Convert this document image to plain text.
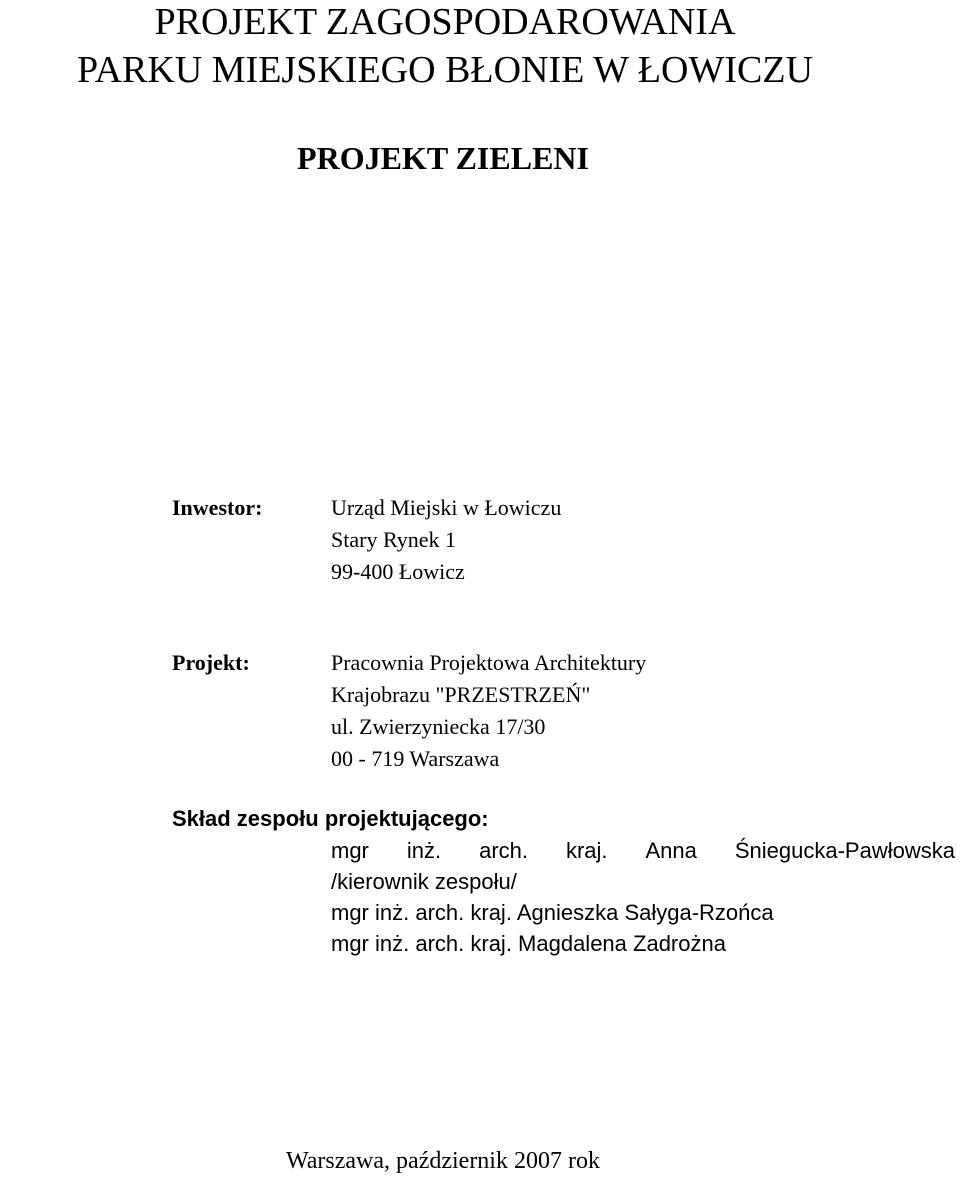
PROJEKT ZAGOSPODAROWANIA
PARKU MIEJSKIEGO BŁONIE W ŁOWICZU
PROJEKT ZIELENI
Inwestor:	Urząd Miejski w Łowiczu
Stary Rynek 1
99-400 Łowicz
Projekt:	Pracownia Projektowa Architektury
Krajobrazu "PRZESTRZEŃ"
ul. Zwierzyniecka 17/30
00 - 719 Warszawa
Skład zespołu projektującego:
mgr inż. arch. kraj. Anna Śniegucka-Pawłowska
/kierownik zespołu/
mgr inż. arch. kraj. Agnieszka Sałyga-Rzońca
mgr inż. arch. kraj. Magdalena Zadrożna
Warszawa, październik 2007 rok
